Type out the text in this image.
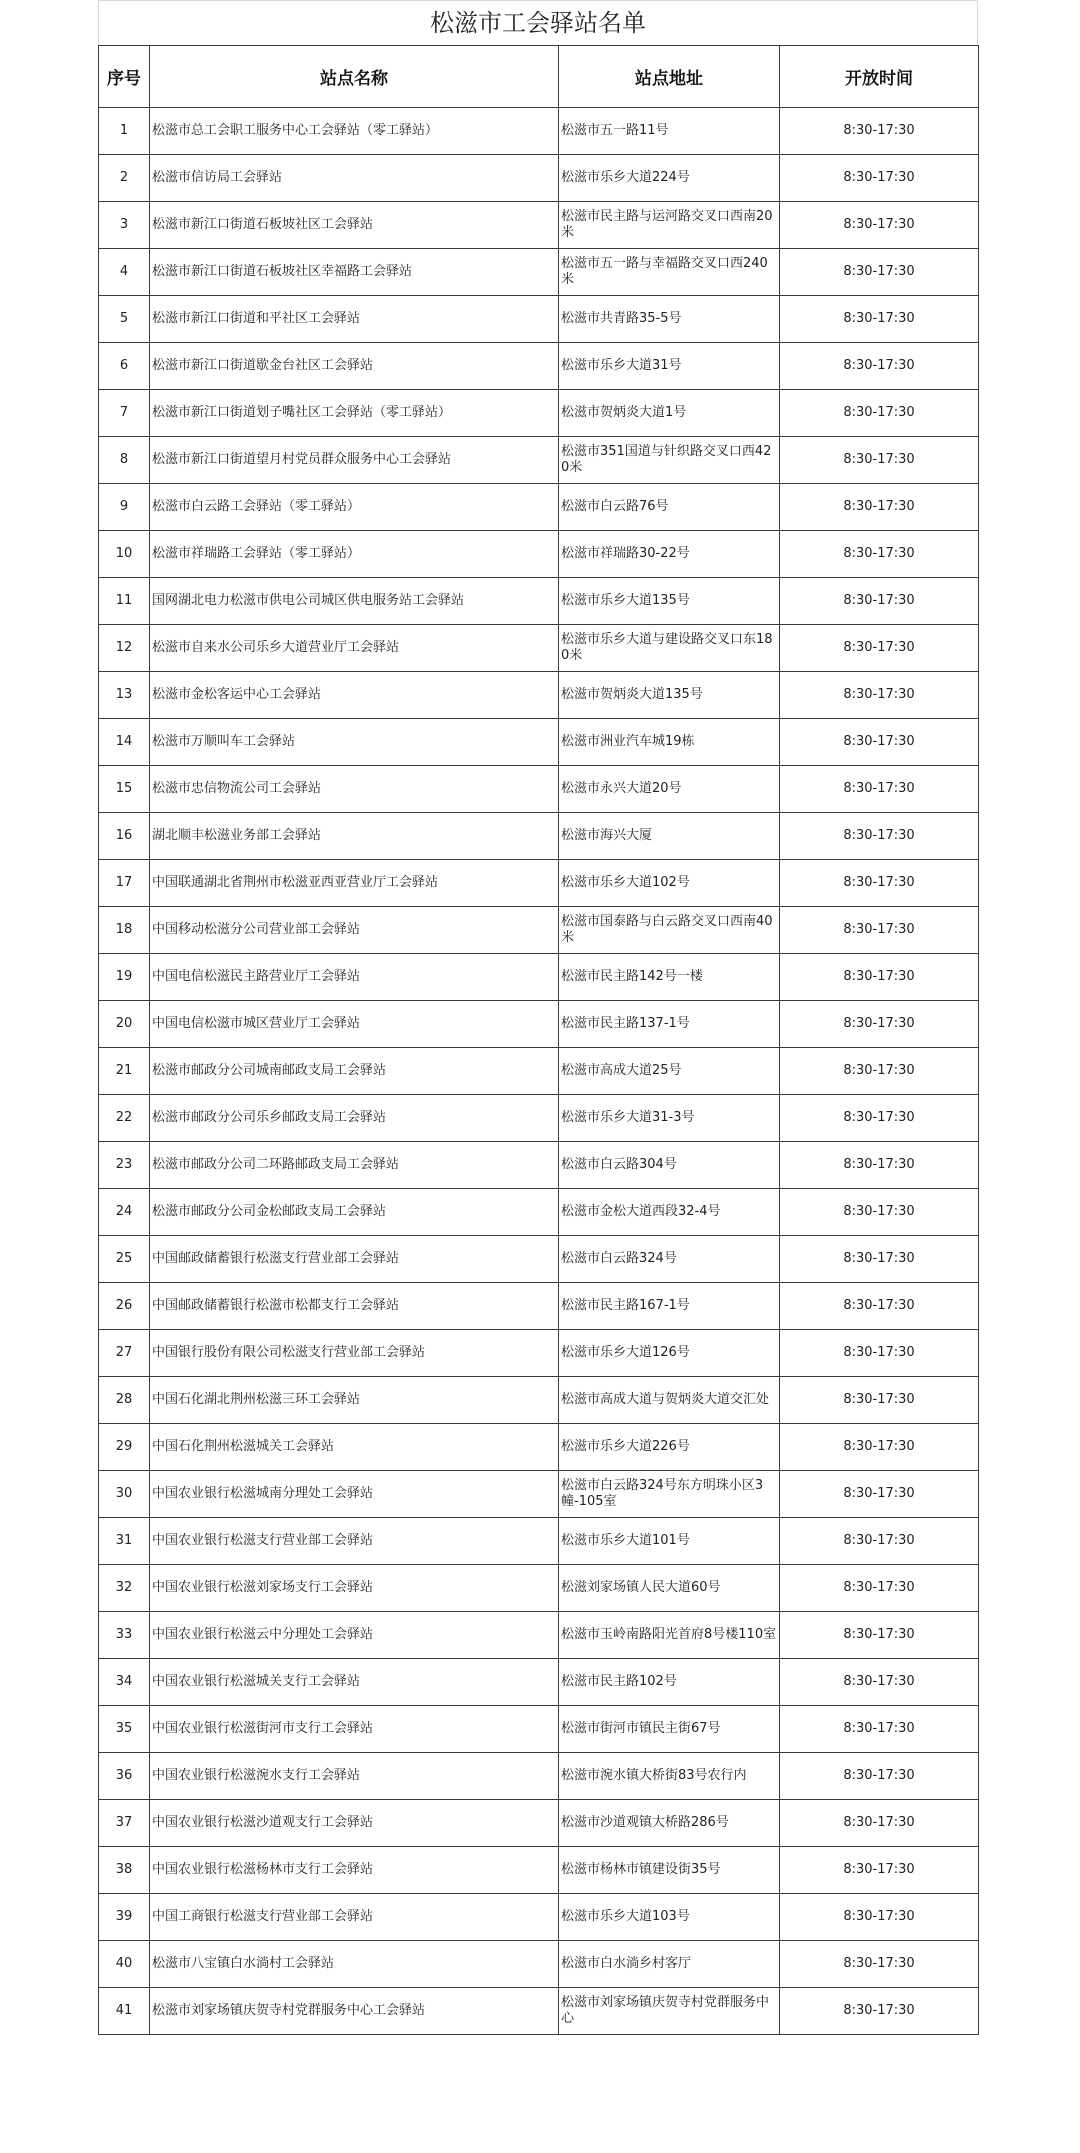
松滋市工会驿站名单
序号	站点名称	站点地址	开放时间
1	松滋市总工会职工服务中心工会驿站（零工驿站）	松滋市五一路11号	8:30-17:30
2	松滋市信访局工会驿站	松滋市乐乡大道224号	8:30-17:30
3	松滋市新江口街道石板坡社区工会驿站	松滋市民主路与运河路交叉口西南20米	8:30-17:30
4	松滋市新江口街道石板坡社区幸福路工会驿站	松滋市五一路与幸福路交叉口西240米	8:30-17:30
5	松滋市新江口街道和平社区工会驿站	松滋市共青路35-5号	8:30-17:30
6	松滋市新江口街道歇金台社区工会驿站	松滋市乐乡大道31号	8:30-17:30
7	松滋市新江口街道划子嘴社区工会驿站（零工驿站）	松滋市贺炳炎大道1号	8:30-17:30
8	松滋市新江口街道望月村党员群众服务中心工会驿站	松滋市351国道与针织路交叉口西420米	8:30-17:30
9	松滋市白云路工会驿站（零工驿站）	松滋市白云路76号	8:30-17:30
10	松滋市祥瑞路工会驿站（零工驿站）	松滋市祥瑞路30-22号	8:30-17:30
11	国网湖北电力松滋市供电公司城区供电服务站工会驿站	松滋市乐乡大道135号	8:30-17:30
12	松滋市自来水公司乐乡大道营业厅工会驿站	松滋市乐乡大道与建设路交叉口东180米	8:30-17:30
13	松滋市金松客运中心工会驿站	松滋市贺炳炎大道135号	8:30-17:30
14	松滋市万顺叫车工会驿站	松滋市洲业汽车城19栋	8:30-17:30
15	松滋市忠信物流公司工会驿站	松滋市永兴大道20号	8:30-17:30
16	湖北顺丰松滋业务部工会驿站	松滋市海兴大厦	8:30-17:30
17	中国联通湖北省荆州市松滋亚西亚营业厅工会驿站	松滋市乐乡大道102号	8:30-17:30
18	中国移动松滋分公司营业部工会驿站	松滋市国泰路与白云路交叉口西南40米	8:30-17:30
19	中国电信松滋民主路营业厅工会驿站	松滋市民主路142号一楼	8:30-17:30
20	中国电信松滋市城区营业厅工会驿站	松滋市民主路137-1号	8:30-17:30
21	松滋市邮政分公司城南邮政支局工会驿站	松滋市高成大道25号	8:30-17:30
22	松滋市邮政分公司乐乡邮政支局工会驿站	松滋市乐乡大道31-3号	8:30-17:30
23	松滋市邮政分公司二环路邮政支局工会驿站	松滋市白云路304号	8:30-17:30
24	松滋市邮政分公司金松邮政支局工会驿站	松滋市金松大道西段32-4号	8:30-17:30
25	中国邮政储蓄银行松滋支行营业部工会驿站	松滋市白云路324号	8:30-17:30
26	中国邮政储蓄银行松滋市松都支行工会驿站	松滋市民主路167-1号	8:30-17:30
27	中国银行股份有限公司松滋支行营业部工会驿站	松滋市乐乡大道126号	8:30-17:30
28	中国石化湖北荆州松滋三环工会驿站	松滋市高成大道与贺炳炎大道交汇处	8:30-17:30
29	中国石化荆州松滋城关工会驿站	松滋市乐乡大道226号	8:30-17:30
30	中国农业银行松滋城南分理处工会驿站	松滋市白云路324号东方明珠小区3幢-105室	8:30-17:30
31	中国农业银行松滋支行营业部工会驿站	松滋市乐乡大道101号	8:30-17:30
32	中国农业银行松滋刘家场支行工会驿站	松滋刘家场镇人民大道60号	8:30-17:30
33	中国农业银行松滋云中分理处工会驿站	松滋市玉岭南路阳光首府8号楼110室	8:30-17:30
34	中国农业银行松滋城关支行工会驿站	松滋市民主路102号	8:30-17:30
35	中国农业银行松滋街河市支行工会驿站	松滋市街河市镇民主街67号	8:30-17:30
36	中国农业银行松滋涴水支行工会驿站	松滋市涴水镇大桥街83号农行内	8:30-17:30
37	中国农业银行松滋沙道观支行工会驿站	松滋市沙道观镇大桥路286号	8:30-17:30
38	中国农业银行松滋杨林市支行工会驿站	松滋市杨林市镇建设街35号	8:30-17:30
39	中国工商银行松滋支行营业部工会驿站	松滋市乐乡大道103号	8:30-17:30
40	松滋市八宝镇白水淌村工会驿站	松滋市白水淌乡村客厅	8:30-17:30
41	松滋市刘家场镇庆贺寺村党群服务中心工会驿站	松滋市刘家场镇庆贺寺村党群服务中心	8:30-17:30
